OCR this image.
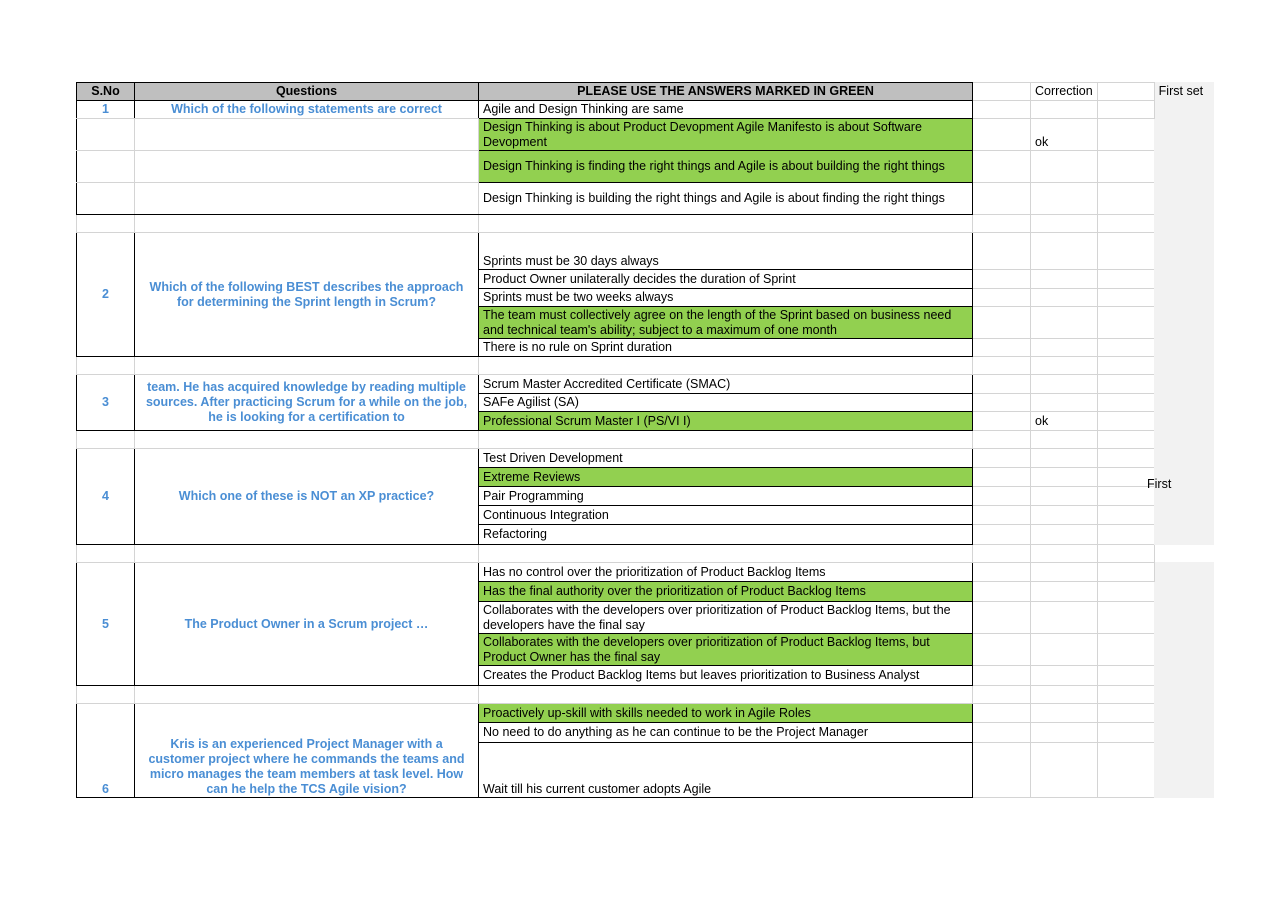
S.No	Questions	PLEASE USE THE ANSWERS MARKED IN GREEN		Correction		First set
1	Which of the following statements are correct	Agile and Design Thinking are same				
		Design Thinking is about Product Devopment Agile Manifesto is about Software Devopment		ok		
		Design Thinking is finding the right things and Agile is about building the right things				
		Design Thinking is building the right things and Agile is about finding the right things				

2	Which of the following BEST describes the approach for determining the Sprint length in Scrum?	Sprints must be 30 days always				
		Product Owner unilaterally decides the duration of Sprint				
		Sprints must be two weeks always				
		The team must collectively agree on the length of the Sprint based on business need and technical team's ability; subject to a maximum of one month				
		There is no rule on Sprint duration				

3	team. He has acquired knowledge by reading multiple sources. After practicing Scrum for a while on the job, he is looking for a certification to	Scrum Master Accredited Certificate (SMAC)				
		SAFe Agilist (SA)				
		Professional Scrum Master I (PS/VI I)		ok		

4	Which one of these is NOT an XP practice?	Test Driven Development				
		Extreme Reviews				
		Pair Programming				
		Continuous Integration				
		Refactoring				

5	The Product Owner in a Scrum project …	Has no control over the prioritization of Product Backlog Items				
		Has the final authority over the prioritization of Product Backlog Items				
		Collaborates with the developers over prioritization of Product Backlog Items, but the developers have the final say				
		Collaborates with the developers over prioritization of Product Backlog Items, but Product Owner has the final say				
		Creates the Product Backlog Items but leaves prioritization to Business Analyst				

6	Kris is an experienced Project Manager with a customer project where he commands the teams and micro manages the team members at task level. How can he help the TCS Agile vision?	Proactively up-skill with skills needed to work in Agile Roles				
		No need to do anything as he can continue to be the Project Manager				
		Wait till his current customer adopts Agile				
First
